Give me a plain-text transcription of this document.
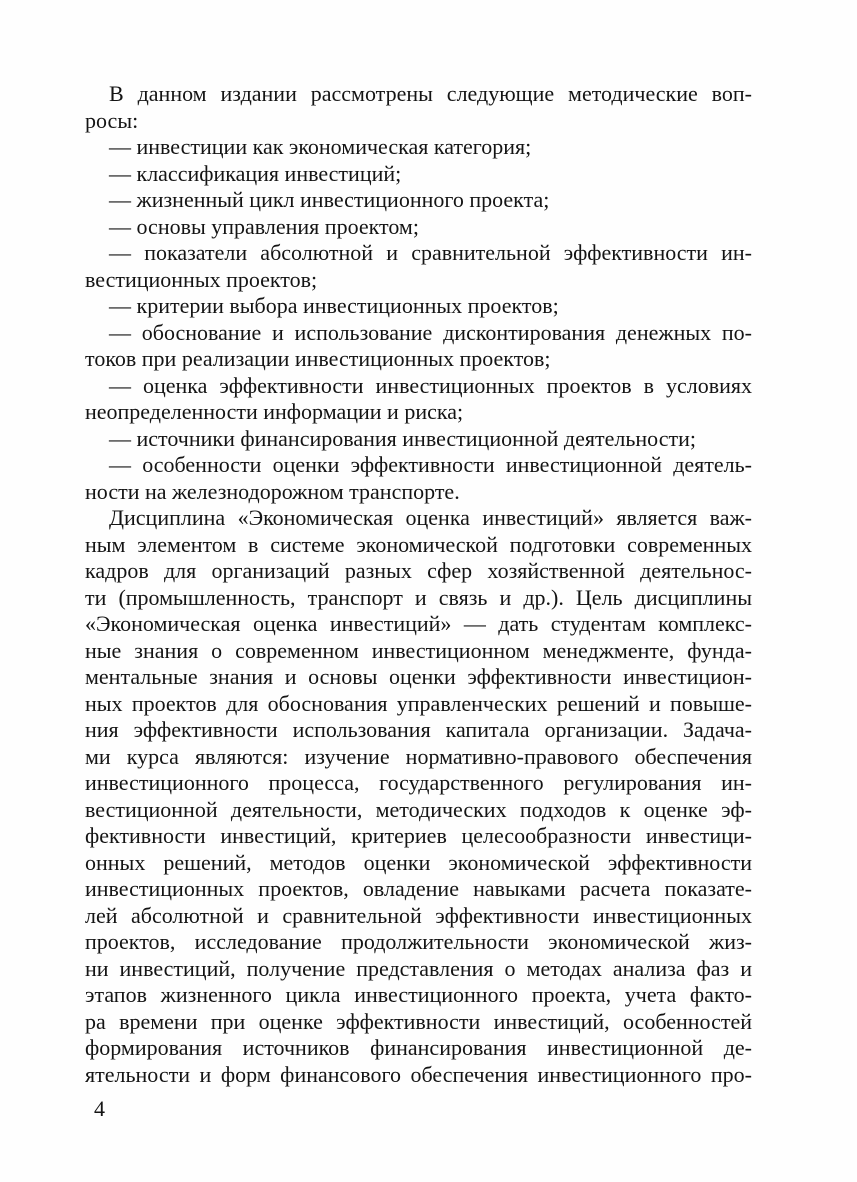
В данном издании рассмотрены следующие методические воп-
росы:
— инвестиции как экономическая категория;
— классификация инвестиций;
— жизненный цикл инвестиционного проекта;
— основы управления проектом;
— показатели абсолютной и сравнительной эффективности ин-
вестиционных проектов;
— критерии выбора инвестиционных проектов;
— обоснование и использование дисконтирования денежных по-
токов при реализации инвестиционных проектов;
— оценка эффективности инвестиционных проектов в условиях
неопределенности информации и риска;
— источники финансирования инвестиционной деятельности;
— особенности оценки эффективности инвестиционной деятель-
ности на железнодорожном транспорте.
Дисциплина «Экономическая оценка инвестиций» является важ-
ным элементом в системе экономической подготовки современных
кадров для организаций разных сфер хозяйственной деятельнос-
ти (промышленность, транспорт и связь и др.). Цель дисциплины
«Экономическая оценка инвестиций» — дать студентам комплекс-
ные знания о современном инвестиционном менеджменте, фунда-
ментальные знания и основы оценки эффективности инвестицион-
ных проектов для обоснования управленческих решений и повыше-
ния эффективности использования капитала организации. Задача-
ми курса являются: изучение нормативно-правового обеспечения
инвестиционного процесса, государственного регулирования ин-
вестиционной деятельности, методических подходов к оценке эф-
фективности инвестиций, критериев целесообразности инвестици-
онных решений, методов оценки экономической эффективности
инвестиционных проектов, овладение навыками расчета показате-
лей абсолютной и сравнительной эффективности инвестиционных
проектов, исследование продолжительности экономической жиз-
ни инвестиций, получение представления о методах анализа фаз и
этапов жизненного цикла инвестиционного проекта, учета факто-
ра времени при оценке эффективности инвестиций, особенностей
формирования источников финансирования инвестиционной де-
ятельности и форм финансового обеспечения инвестиционного про-
4
